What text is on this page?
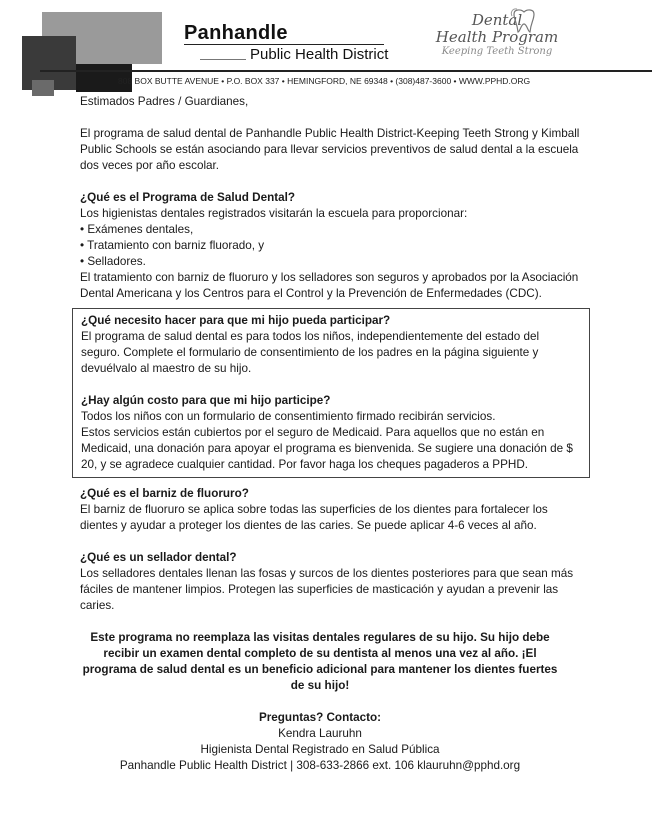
Panhandle
Public Health District
Dental
Health Program
Keeping Teeth Strong
808 BOX BUTTE AVENUE • P.O. BOX 337 • HEMINGFORD, NE 69348 • (308)487-3600 • WWW.PPHD.ORG

Estimados Padres / Guardianes,

El programa de salud dental de Panhandle Public Health District-Keeping Teeth Strong y Kimball Public Schools se están asociando para llevar servicios preventivos de salud dental a la escuela dos veces por año escolar.

¿Qué es el Programa de Salud Dental?

Los higienistas dentales registrados visitarán la escuela para proporcionar:

• Exámenes dentales,
• Tratamiento con barniz fluorado, y
• Selladores.

El tratamiento con barniz de fluoruro y los selladores son seguros y aprobados por la Asociación Dental Americana y los Centros para el Control y la Prevención de Enfermedades (CDC).

¿Qué necesito hacer para que mi hijo pueda participar?

El programa de salud dental es para todos los niños, independientemente del estado del seguro. Complete el formulario de consentimiento de los padres en la página siguiente y devuélvalo al maestro de su hijo.

¿Hay algún costo para que mi hijo participe?

Todos los niños con un formulario de consentimiento firmado recibirán servicios.

Estos servicios están cubiertos por el seguro de Medicaid. Para aquellos que no están en Medicaid, una donación para apoyar el programa es bienvenida. Se sugiere una donación de $ 20, y se agradece cualquier cantidad. Por favor haga los cheques pagaderos a PPHD.

¿Qué es el barniz de fluoruro?

El barniz de fluoruro se aplica sobre todas las superficies de los dientes para fortalecer los dientes y ayudar a proteger los dientes de las caries. Se puede aplicar 4-6 veces al año.

¿Qué es un sellador dental?

Los selladores dentales llenan las fosas y surcos de los dientes posteriores para que sean más fáciles de mantener limpios. Protegen las superficies de masticación y ayudan a prevenir las caries.

Este programa no reemplaza las visitas dentales regulares de su hijo. Su hijo debe recibir un examen dental completo de su dentista al menos una vez al año. ¡El programa de salud dental es un beneficio adicional para mantener los dientes fuertes de su hijo!

Preguntas? Contacto:

Kendra Lauruhn

Higienista Dental Registrado en Salud Pública

Panhandle Public Health District | 308-633-2866 ext. 106 klauruhn@pphd.org
